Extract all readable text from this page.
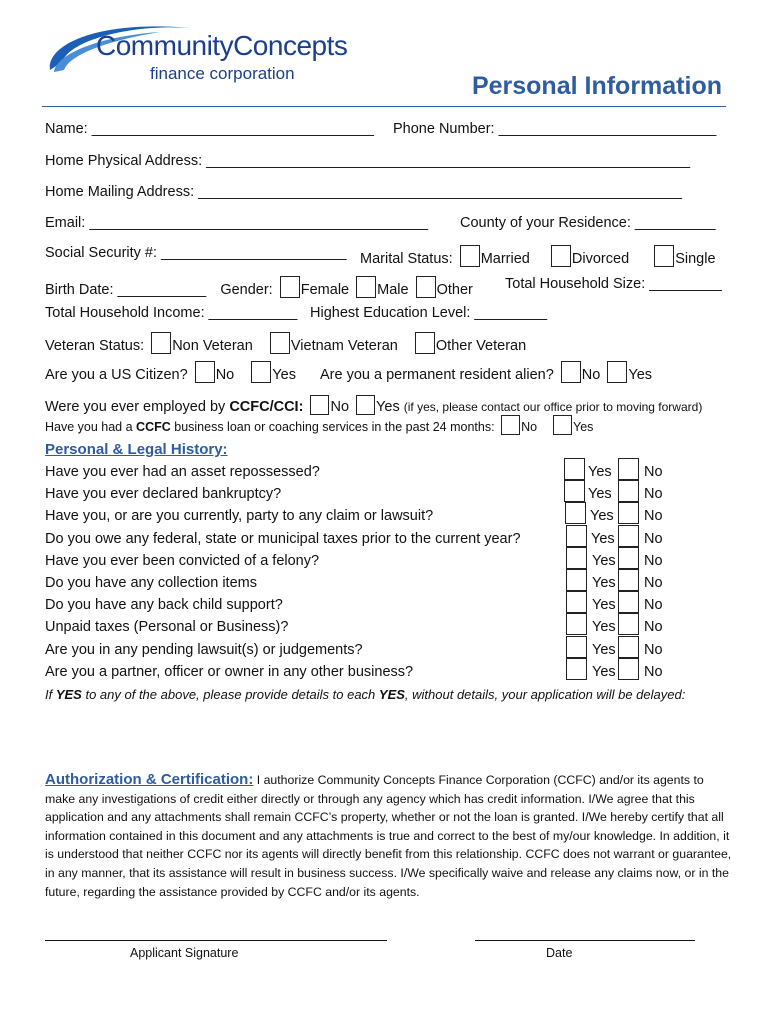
CommunityConcepts
finance corporation	Personal Information
Name: ___________________________________ Phone Number: ___________________________
Home Physical Address: ____________________________________________________________
Home Mailing Address: ____________________________________________________________
Email: __________________________________________ County of your Residence: __________
Social Security #: _______________________ Marital Status: Married	Divorced	Single
Birth Date: ___________ Gender: Female Male Other Total Household Size: _________
Total Household Income: ___________ Highest Education Level: _________
Veteran Status: Non Veteran	Vietnam Veteran	Other Veteran
Are you a US Citizen? No	Yes Are you a permanent resident alien? No Yes
Were you ever employed by CCFC/CCI: No Yes (if yes, please contact our office prior to moving forward)
Have you had a CCFC business loan or coaching services in the past 24 months: No	Yes
Personal & Legal History:
Have you ever had an asset repossessed?	Yes No
Have you ever declared bankruptcy?	Yes No
Have you, or are you currently, party to any claim or lawsuit?	Yes No
Do you owe any federal, state or municipal taxes prior to the current year?	Yes No
Have you ever been convicted of a felony?	Yes No
Do you have any collection items	Yes No
Do you have any back child support?	Yes No
Unpaid taxes (Personal or Business)?	Yes No
Are you in any pending lawsuit(s) or judgements?	Yes No
Are you a partner, officer or owner in any other business?	Yes No
If YES to any of the above, please provide details to each YES, without details, your application will be delayed:
Authorization & Certification: I authorize Community Concepts Finance Corporation (CCFC) and/or its agents to make any investigations of credit either directly or through any agency which has credit information. I/We agree that this application and any attachments shall remain CCFC’s property, whether or not the loan is granted. I/We hereby certify that all information contained in this document and any attachments is true and correct to the best of my/our knowledge. In addition, it is understood that neither CCFC nor its agents will directly benefit from this relationship. CCFC does not warrant or guarantee, in any manner, that its assistance will result in business success. I/We specifically waive and release any claims now, or in the future, regarding the assistance provided by CCFC and/or its agents.
Applicant Signature	Date
